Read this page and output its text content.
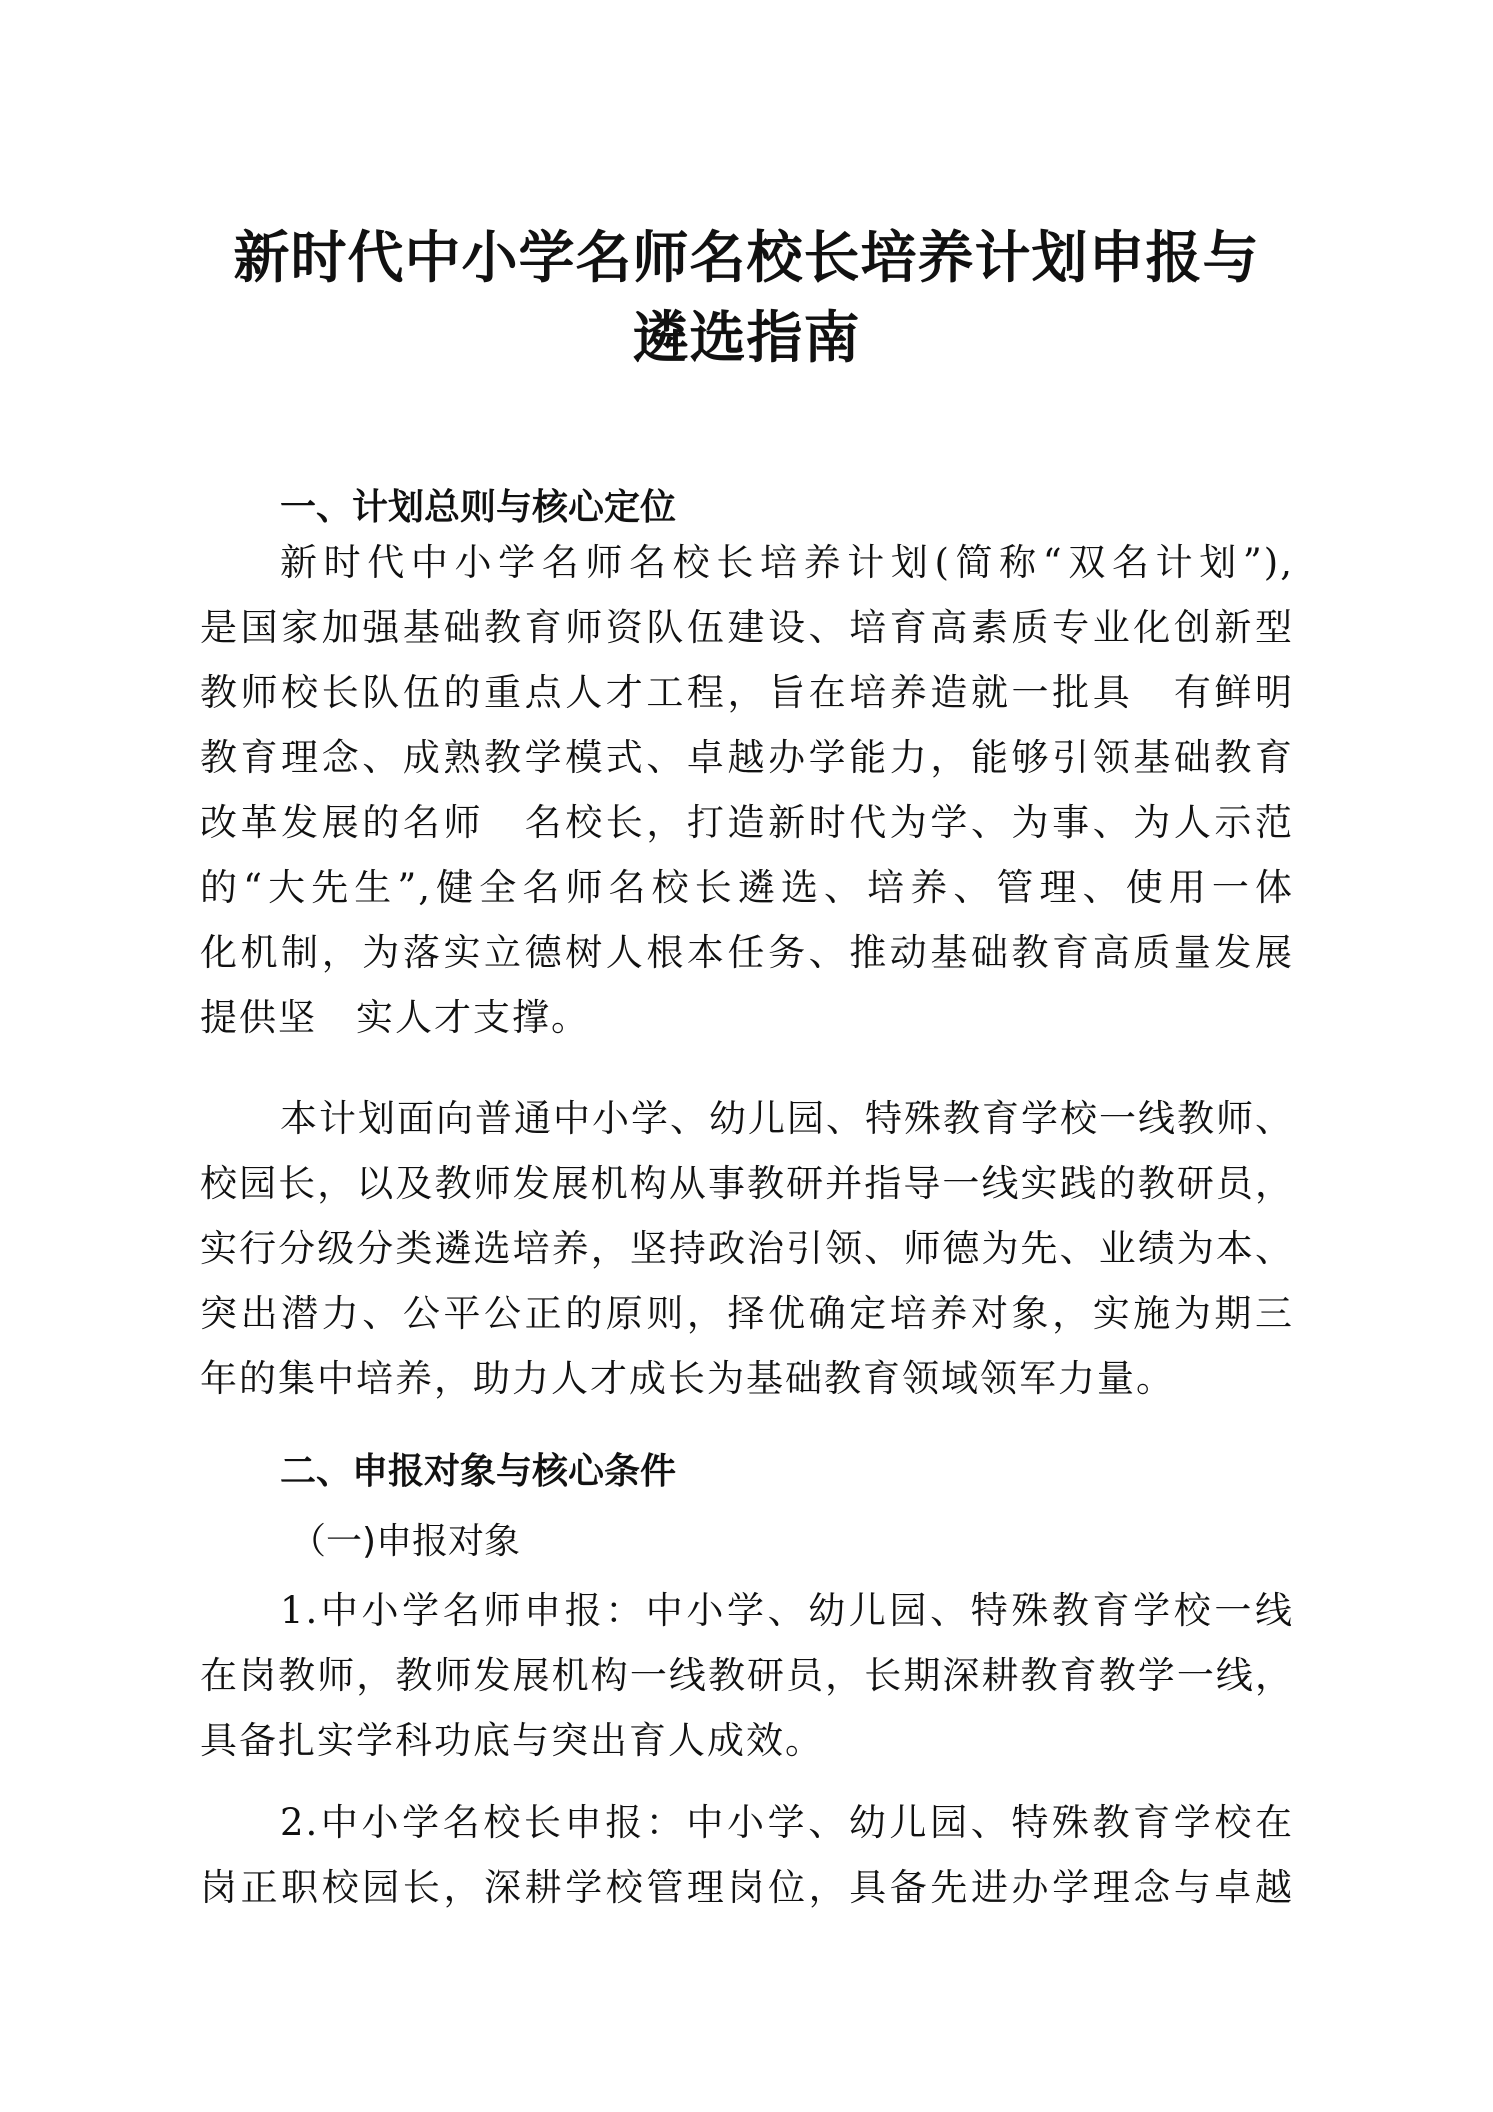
新时代中小学名师名校长培养计划申报与
遴选指南
一、计划总则与核心定位
新时代中小学名师名校长培养计划(简称“双名计划”),
是国家加强基础教育师资队伍建设、培育高素质专业化创新型
教师校长队伍的重点人才工程，旨在培养造就一批具　有鲜明
教育理念、成熟教学模式、卓越办学能力，能够引领基础教育
改革发展的名师　名校长，打造新时代为学、为事、为人示范
的“大先生”,健全名师名校长遴选、培养、管理、使用一体
化机制，为落实立德树人根本任务、推动基础教育高质量发展
提供坚　实人才支撑。
本计划面向普通中小学、幼儿园、特殊教育学校一线教师、
校园长，以及教师发展机构从事教研并指导一线实践的教研员，
实行分级分类遴选培养，坚持政治引领、师德为先、业绩为本、
突出潜力、公平公正的原则，择优确定培养对象，实施为期三
年的集中培养，助力人才成长为基础教育领域领军力量。
二、申报对象与核心条件
（一)申报对象
1.中小学名师申报：中小学、幼儿园、特殊教育学校一线
在岗教师，教师发展机构一线教研员，长期深耕教育教学一线，
具备扎实学科功底与突出育人成效。
2.中小学名校长申报：中小学、幼儿园、特殊教育学校在
岗正职校园长，深耕学校管理岗位，具备先进办学理念与卓越
